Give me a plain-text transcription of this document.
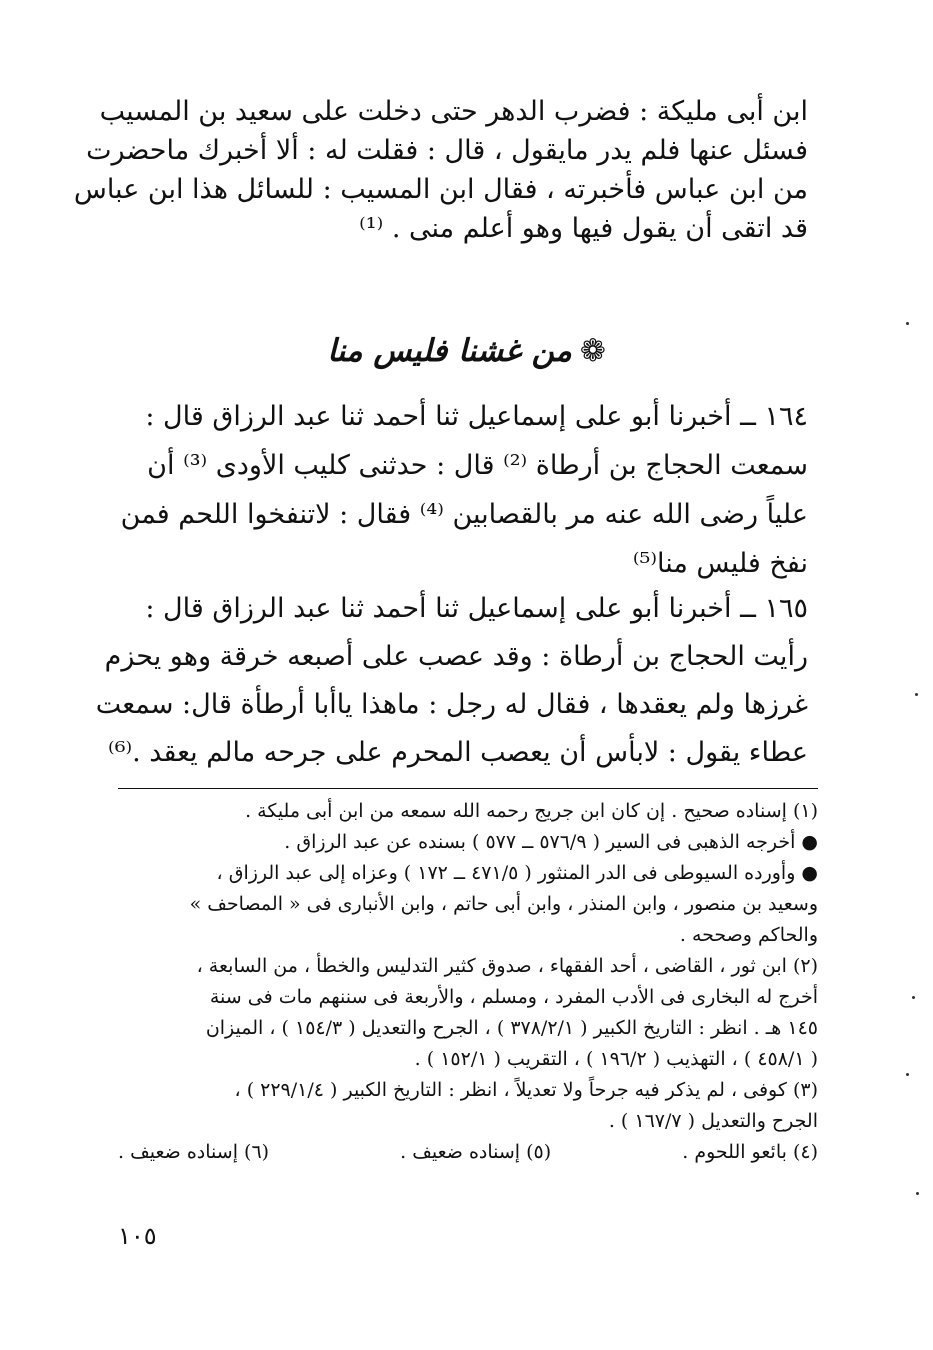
ابن أبى مليكة : فضرب الدهر حتى دخلت على سعيد بن المسيب
فسئل عنها فلم يدر مايقول ، قال : فقلت له : ألا أخبرك ماحضرت
من ابن عباس فأخبرته ، فقال ابن المسيب : للسائل هذا ابن عباس
قد اتقى أن يقول فيها وهو أعلم منى . ⁽¹⁾
❁من غشنا فليس منا
١٦٤ ــ أخبرنا أبو على إسماعيل ثنا أحمد ثنا عبد الرزاق قال :
سمعت الحجاج بن أرطاة ⁽²⁾ قال : حدثنى كليب الأودى ⁽³⁾ أن
علياً رضى الله عنه مر بالقصابين ⁽⁴⁾ فقال : لاتنفخوا اللحم فمن
نفخ فليس منا⁽⁵⁾
١٦٥ ــ أخبرنا أبو على إسماعيل ثنا أحمد ثنا عبد الرزاق قال :
رأيت الحجاج بن أرطاة : وقد عصب على أصبعه خرقة وهو يحزم
غرزها ولم يعقدها ، فقال له رجل : ماهذا ياأبا أرطأة قال: سمعت
عطاء يقول : لابأس أن يعصب المحرم على جرحه مالم يعقد .⁽⁶⁾
(١) إسناده صحيح . إن كان ابن جريج رحمه الله سمعه من ابن أبى مليكة .
● أخرجه الذهبى فى السير ( ٥٧٦/٩ ــ ٥٧٧ ) بسنده عن عبد الرزاق .
● وأورده السيوطى فى الدر المنثور ( ٤٧١/٥ ــ ١٧٢ ) وعزاه إلى عبد الرزاق ،
وسعيد بن منصور ، وابن المنذر ، وابن أبى حاتم ، وابن الأنبارى فى « المصاحف »
والحاكم وصححه .
(٢) ابن ثور ، القاضى ، أحد الفقهاء ، صدوق كثير التدليس والخطأ ، من السابعة ،
أخرج له البخارى فى الأدب المفرد ، ومسلم ، والأربعة فى سننهم مات فى سنة
١٤٥ هـ . انظر : التاريخ الكبير ( ٣٧٨/٢/١ ) ، الجرح والتعديل ( ١٥٤/٣ ) ، الميزان
( ٤٥٨/١ ) ، التهذيب ( ١٩٦/٢ ) ، التقريب ( ١٥٢/١ ) .
(٣) كوفى ، لم يذكر فيه جرحاً ولا تعديلاً ، انظر : التاريخ الكبير ( ٢٢٩/١/٤ ) ،
الجرح والتعديل ( ١٦٧/٧ ) .
(٤) بائعو اللحوم .
(٥) إسناده ضعيف .
(٦) إسناده ضعيف .
١٠٥
